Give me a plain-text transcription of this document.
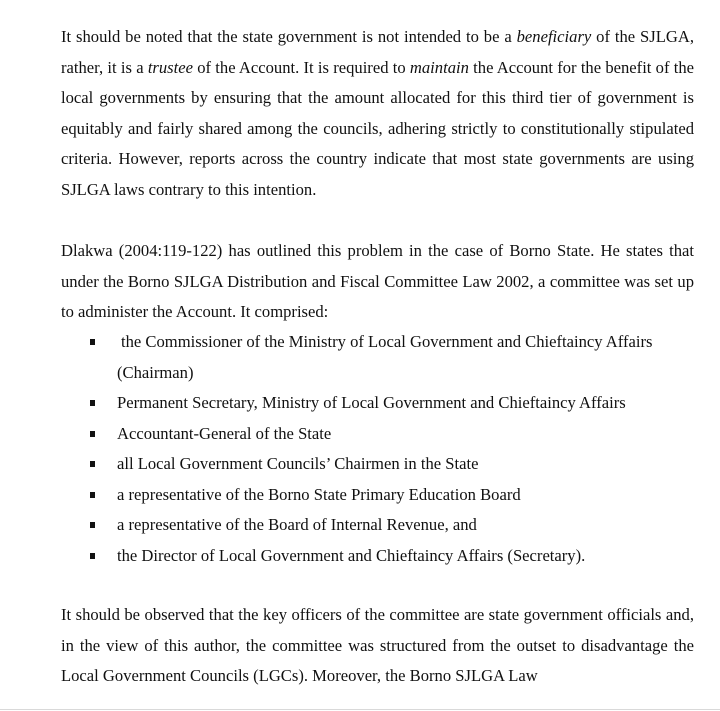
It should be noted that the state government is not intended to be a beneficiary of the SJLGA, rather, it is a trustee of the Account. It is required to maintain the Account for the benefit of the local governments by ensuring that the amount allocated for this third tier of government is equitably and fairly shared among the councils, adhering strictly to constitutionally stipulated criteria. However, reports across the country indicate that most state governments are using SJLGA laws contrary to this intention.

Dlakwa (2004:119-122) has outlined this problem in the case of Borno State. He states that under the Borno SJLGA Distribution and Fiscal Committee Law 2002, a committee was set up to administer the Account. It comprised:

the Commissioner of the Ministry of Local Government and Chieftaincy Affairs (Chairman)
Permanent Secretary, Ministry of Local Government and Chieftaincy Affairs
Accountant-General of the State
all Local Government Councils’ Chairmen in the State
a representative of the Borno State Primary Education Board
a representative of the Board of Internal Revenue, and
the Director of Local Government and Chieftaincy Affairs (Secretary).

It should be observed that the key officers of the committee are state government officials and, in the view of this author, the committee was structured from the outset to disadvantage the Local Government Councils (LGCs). Moreover, the Borno SJLGA Law
